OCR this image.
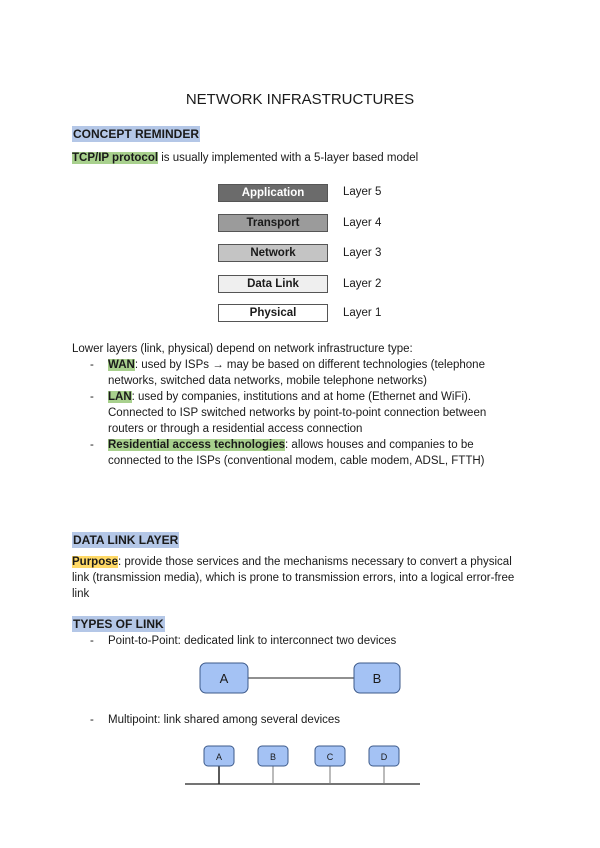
NETWORK INFRASTRUCTURES
CONCEPT REMINDER
TCP/IP protocol is usually implemented with a 5-layer based model
Application	Layer 5
Transport	Layer 4
Network	Layer 3
Data Link	Layer 2
Physical	Layer 1
Lower layers (link, physical) depend on network infrastructure type:
- WAN: used by ISPs → may be based on different technologies (telephone networks, switched data networks, mobile telephone networks)
- LAN: used by companies, institutions and at home (Ethernet and WiFi). Connected to ISP switched networks by point-to-point connection between routers or through a residential access connection
- Residential access technologies: allows houses and companies to be connected to the ISPs (conventional modem, cable modem, ADSL, FTTH)
DATA LINK LAYER
Purpose: provide those services and the mechanisms necessary to convert a physical link (transmission media), which is prone to transmission errors, into a logical error-free link
TYPES OF LINK
- Point-to-Point: dedicated link to interconnect two devices
A	B
- Multipoint: link shared among several devices
A	B	C	D
